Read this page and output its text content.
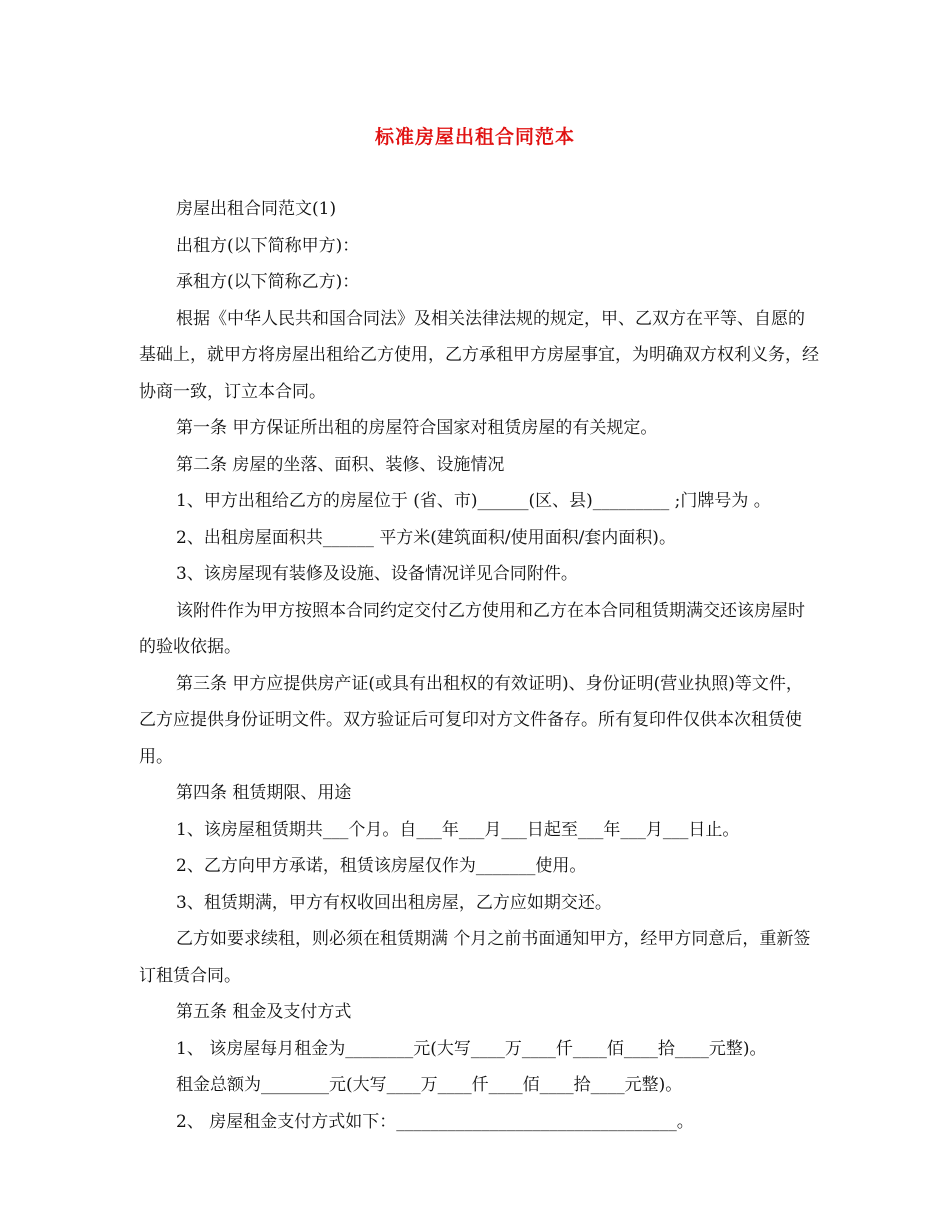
标准房屋出租合同范本

房屋出租合同范文(1)

出租方(以下简称甲方)：

承租方(以下简称乙方)：

根据《中华人民共和国合同法》及相关法律法规的规定，甲、乙双方在平等、自愿的基础上，就甲方将房屋出租给乙方使用，乙方承租甲方房屋事宜，为明确双方权利义务，经协商一致，订立本合同。

第一条 甲方保证所出租的房屋符合国家对租赁房屋的有关规定。

第二条 房屋的坐落、面积、装修、设施情况

1、甲方出租给乙方的房屋位于 (省、市)______(区、县)_________ ;门牌号为 。

2、出租房屋面积共______ 平方米(建筑面积/使用面积/套内面积)。

3、该房屋现有装修及设施、设备情况详见合同附件。

该附件作为甲方按照本合同约定交付乙方使用和乙方在本合同租赁期满交还该房屋时的验收依据。

第三条 甲方应提供房产证(或具有出租权的有效证明)、身份证明(营业执照)等文件，乙方应提供身份证明文件。双方验证后可复印对方文件备存。所有复印件仅供本次租赁使用。

第四条 租赁期限、用途

1、该房屋租赁期共___个月。自___年___月___日起至___年___月___日止。

2、乙方向甲方承诺，租赁该房屋仅作为_______使用。

3、租赁期满，甲方有权收回出租房屋，乙方应如期交还。

乙方如要求续租，则必须在租赁期满 个月之前书面通知甲方，经甲方同意后，重新签订租赁合同。

第五条 租金及支付方式

1、 该房屋每月租金为________元(大写____万____仟____佰____拾____元整)。

租金总额为________元(大写____万____仟____佰____拾____元整)。

2、 房屋租金支付方式如下：_________________________________。
